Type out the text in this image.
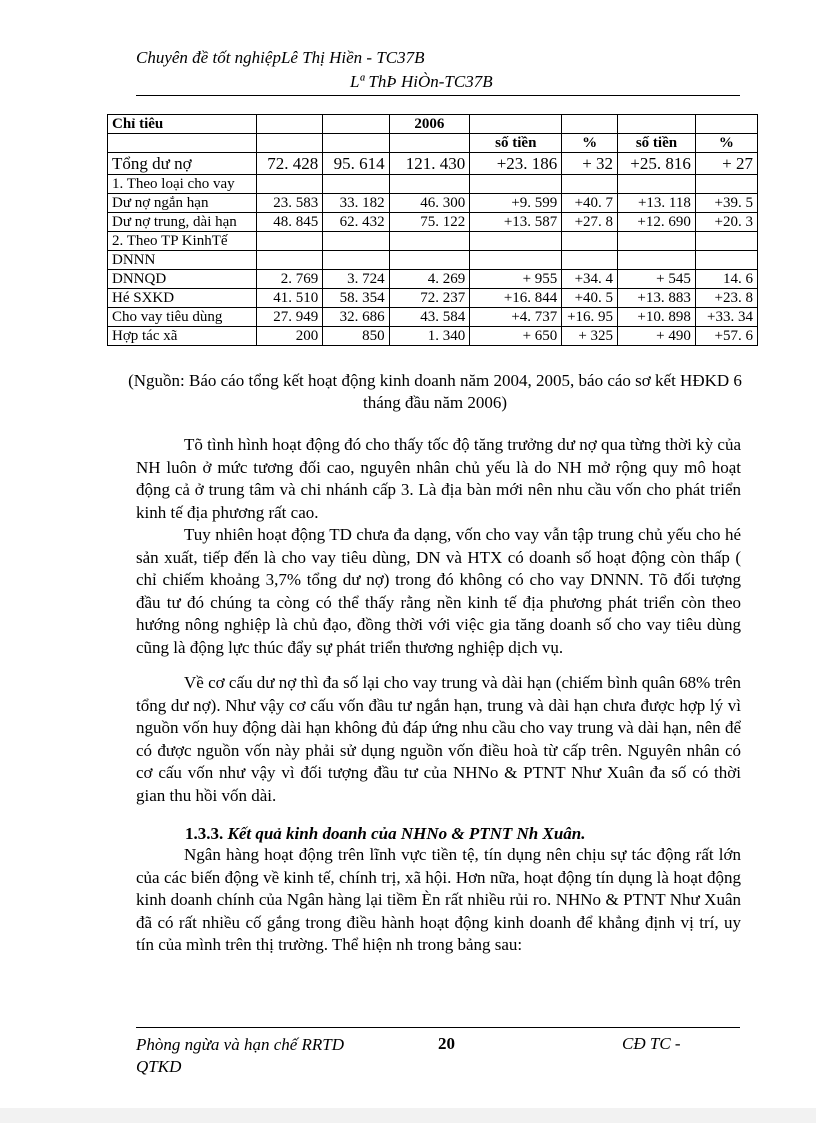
Chuyên đề tốt nghiệpLê Thị Hiền - TC37B
Lª ThÞ HiÒn-TC37B
Chỉ tiêu			2006				
				số tiền	%	số tiền	%
Tổng dư nợ	72. 428	95. 614	121. 430	+23. 186	+ 32	+25. 816	+ 27
1. Theo loại cho vay							
Dư nợ ngắn hạn	23. 583	33. 182	46. 300	+9. 599	+40. 7	+13. 118	+39. 5
Dư nợ trung, dài hạn	48. 845	62. 432	75. 122	+13. 587	+27. 8	+12. 690	+20. 3
2. Theo TP KinhTế							
DNNN							
DNNQD	2. 769	3. 724	4. 269	+ 955	+34. 4	+ 545	14. 6
Hé SXKD	41. 510	58. 354	72. 237	+16. 844	+40. 5	+13. 883	+23. 8
Cho vay tiêu dùng	27. 949	32. 686	43. 584	+4. 737	+16. 95	+10. 898	+33. 34
Hợp tác xã	200	850	1. 340	+ 650	+ 325	+ 490	+57. 6
(Nguồn: Báo cáo tổng kết hoạt động kinh doanh năm 2004, 2005, báo cáo sơ kết HĐKD 6 tháng đầu năm 2006)

Tõ tình hình hoạt động đó cho thấy tốc độ tăng trưởng dư nợ qua từng thời kỳ của NH luôn ở mức tương đối cao, nguyên nhân chủ yếu là do NH mở rộng quy mô hoạt động cả ở trung tâm và chi nhánh cấp 3. Là địa bàn mới nên nhu cầu vốn cho phát triển kinh tế địa phương rất cao.

Tuy nhiên hoạt động TD chưa đa dạng, vốn cho vay vẫn tập trung chủ yếu cho hé sản xuất, tiếp đến là cho vay tiêu dùng, DN và HTX có doanh số hoạt động còn thấp ( chỉ chiếm khoảng 3,7% tổng dư nợ) trong đó không có cho vay DNNN. Tõ đối tượng đầu tư đó chúng ta còng có thể thấy rằng nền kinh tế địa phương phát triển còn theo hướng nông nghiệp là chủ đạo, đồng thời với việc gia tăng doanh số cho vay tiêu dùng cũng là động lực thúc đẩy sự phát triển thương nghiệp dịch vụ.

Về cơ cấu dư nợ thì đa số lại cho vay trung và dài hạn (chiếm bình quân 68% trên tổng dư nợ). Như vậy cơ cấu vốn đầu tư ngắn hạn, trung và dài hạn chưa được hợp lý vì nguồn vốn huy động dài hạn không đủ đáp ứng nhu cầu cho vay trung và dài hạn, nên để có được nguồn vốn này phải sử dụng nguồn vốn điều hoà từ cấp trên. Nguyên nhân có cơ cấu vốn như vậy vì đối tượng đầu tư của NHNo & PTNT Như Xuân đa số có thời gian thu hồi vốn dài.

1.3.3. Kết quả kinh doanh của NHNo & PTNT Nh Xuân.

Ngân hàng hoạt động trên lĩnh vực tiền tệ, tín dụng nên chịu sự tác động rất lớn của các biến động về kinh tế, chính trị, xã hội. Hơn nữa, hoạt động tín dụng là hoạt động kinh doanh chính của Ngân hàng lại tiềm Èn rất nhiều rủi ro. NHNo & PTNT Như Xuân đã có rất nhiều cố gắng trong điều hành hoạt động kinh doanh để khẳng định vị trí, uy tín của mình trên thị trường. Thể hiện nh trong bảng sau:

Phòng ngừa và hạn chế RRTD
QTKD
20	CĐ TC -
